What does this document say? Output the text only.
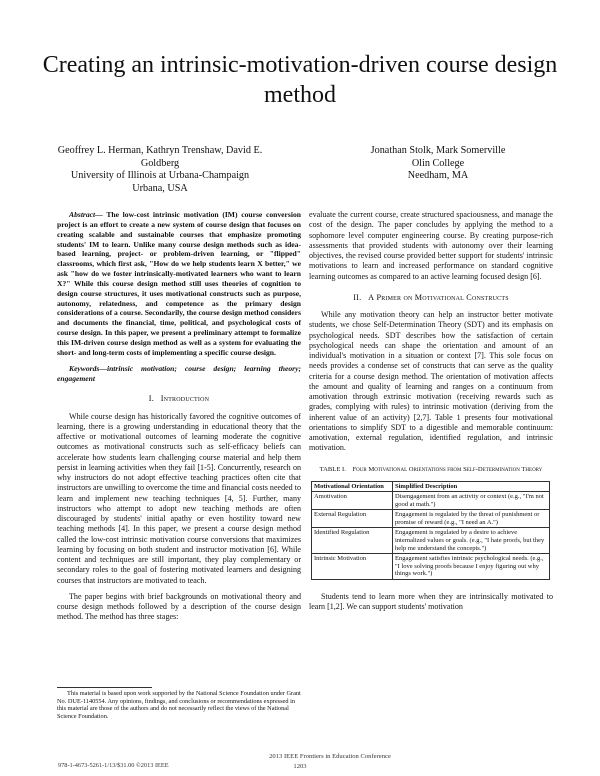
Creating an intrinsic-motivation-driven course design method
Geoffrey L. Herman, Kathryn Trenshaw, David E. Goldberg
University of Illinois at Urbana-Champaign
Urbana, USA
Jonathan Stolk, Mark Somerville
Olin College
Needham, MA

Abstract— The low-cost intrinsic motivation (IM) course conversion project is an effort to create a new system of course design that focuses on creating scalable and sustainable courses that emphasize promoting students' IM to learn. Unlike many course design methods such as idea-based learning, project- or problem-driven learning, or "flipped" classrooms, which first ask, "How do we help students learn X better," we ask "how do we foster intrinsically-motivated learners who want to learn X?" While this course design method still uses theories of cognition to design course structures, it uses motivational constructs such as purpose, autonomy, relatedness, and competence as the primary design considerations of a course. Secondarily, the course design method considers and documents the financial, time, political, and psychological costs of course design. In this paper, we present a preliminary attempt to formalize this IM-driven course design method as well as a system for evaluating the short- and long-term costs of implementing a specific course design.

Keywords—intrinsic motivation; course design; learning theory; engagement

I. Introduction

While course design has historically favored the cognitive outcomes of learning, there is a growing understanding in educational theory that the affective or motivational outcomes of learning moderate the cognitive outcomes as motivational constructs such as self-efficacy beliefs can accelerate how students learn challenging course material and help them persist in learning activities when they fail [1-5]. Concurrently, research on why instructors do not adopt effective teaching practices often cite that instructors are unwilling to overcome the time and financial costs needed to learn and implement new teaching techniques [4, 5]. Further, many instructors who attempt to adopt new teaching methods are often discouraged by students' initial apathy or even hostility toward new teaching methods [4]. In this paper, we present a course design method called the low-cost intrinsic motivation course conversions that maximizes learning by focusing on both student and instructor motivation [6]. While content and techniques are still important, they play complementary or secondary roles to the goal of fostering motivated learners and designing courses that instructors are motivated to teach.

The paper begins with brief backgrounds on motivational theory and course design methods followed by a description of the course design method. The method has three stages:

evaluate the current course, create structured spaciousness, and manage the cost of the design. The paper concludes by applying the method to a sophomore level computer engineering course. By creating purpose-rich assessments that provided students with autonomy over their learning objectives, the revised course provided better support for students' intrinsic motivations to learn and increased performance on standard cognitive learning outcomes as compared to an active learning focused design [6].

II. A Primer on Motivational Constructs

While any motivation theory can help an instructor better motivate students, we chose Self-Determination Theory (SDT) and its emphasis on psychological needs. SDT describes how the satisfaction of certain psychological needs can shape the orientation and amount of an individual's motivation in a situation or context [7]. This sole focus on needs provides a condense set of constructs that can serve as the quality criteria for a course design method. The orientation of motivation affects the amount and quality of learning and ranges on a continuum from amotivation through extrinsic motivation (receiving rewards such as grades, complying with rules) to intrinsic motivation (deriving from the inherent value of an activity) [2,7]. Table 1 presents four motivational orientations to simplify SDT to a digestible and memorable continuum: amotivation, external regulation, identified regulation, and intrinsic motivation.

TABLE I. Four Motivational Orientations from Self-Determination Theory
Motivational Orientation	Simplified Description
Amotivation	Disengagement from an activity or context (e.g., "I'm not good at math.")
External Regulation	Engagement is regulated by the threat of punishment or promise of reward (e.g., "I need an A.")
Identified Regulation	Engagement is regulated by a desire to achieve internalized values or goals. (e.g., "I hate proofs, but they help me understand the concepts.")
Intrinsic Motivation	Engagement satisfies intrinsic psychological needs. (e.g., "I love solving proofs because I enjoy figuring out why things work.")

Students tend to learn more when they are intrinsically motivated to learn [1,2]. We can support students' motivation

This material is based upon work supported by the National Science Foundation under Grant No. DUE-1140554. Any opinions, findings, and conclusions or recommendations expressed in this material are those of the authors and do not necessarily reflect the views of the National Science Foundation.
978-1-4673-5261-1/13/$31.00 ©2013 IEEE
2013 IEEE Frontiers in Education Conference
1203
